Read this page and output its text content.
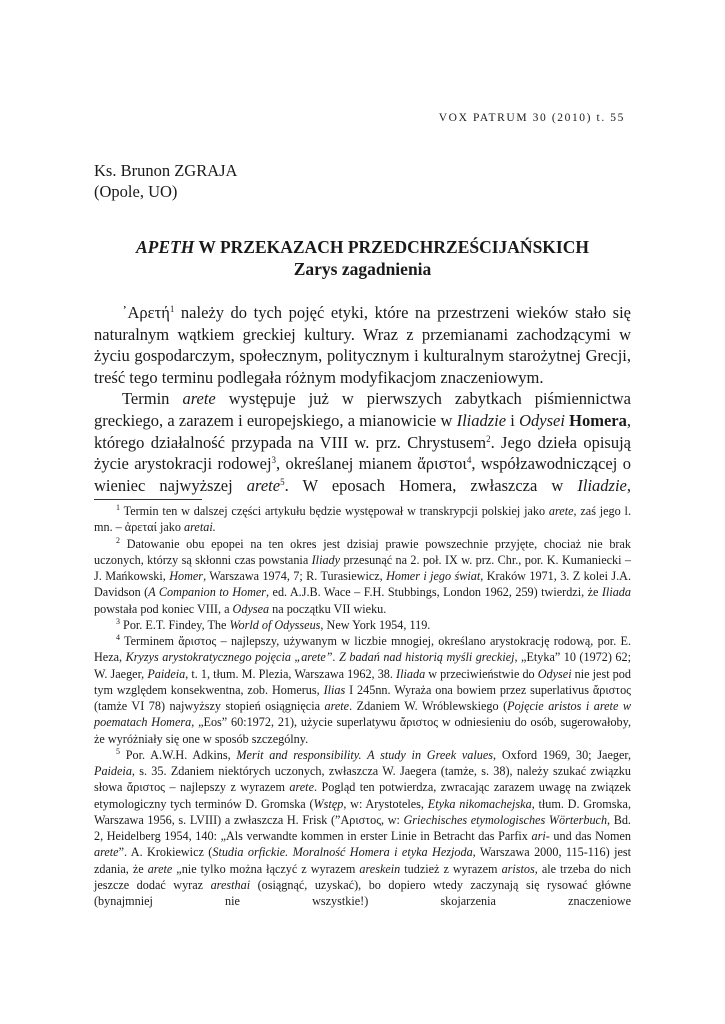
VOX PATRUM 30 (2010) t. 55
Ks. Brunon ZGRAJA
(Opole, UO)
APETH W PRZEKAZACH PRZEDCHRZEŚCIJAŃSKICH
Zarys zagadnienia

᾽Αρετή$^1$ należy do tych pojęć etyki, które na przestrzeni wieków stało się naturalnym wątkiem greckiej kultury. Wraz z przemianami zachodzącymi w życiu gospodarczym, społecznym, politycznym i kulturalnym starożytnej Grecji, treść tego terminu podlegała różnym modyfikacjom znaczeniowym.

Termin arete występuje już w pierwszych zabytkach piśmiennictwa greckiego, a zarazem i europejskiego, a mianowicie w Iliadzie i Odysei Homera, którego działalność przypada na VIII w. prz. Chrystusem$^2$. Jego dzieła opisują życie arystokracji rodowej$^3$, określanej mianem ἄριστοι$^4$, współzawodniczącej o wieniec najwyższej arete$^5$. W eposach Homera, zwłaszcza w Iliadzie,

$^1$ Termin ten w dalszej części artykułu będzie występował w transkrypcji polskiej jako arete, zaś jego l. mn. – ἀρεταί jako aretai.

$^2$ Datowanie obu epopei na ten okres jest dzisiaj prawie powszechnie przyjęte, chociaż nie brak uczonych, którzy są skłonni czas powstania Iliady przesunąć na 2. poł. IX w. prz. Chr., por. K. Kumaniecki – J. Mańkowski, Homer, Warszawa 1974, 7; R. Turasiewicz, Homer i jego świat, Kraków 1971, 3. Z kolei J.A. Davidson (A Companion to Homer, ed. A.J.B. Wace – F.H. Stubbings, London 1962, 259) twierdzi, że Iliada powstała pod koniec VIII, a Odysea na początku VII wieku.

$^3$ Por. E.T. Findey, The World of Odysseus, New York 1954, 119.

$^4$ Terminem ἄριστος – najlepszy, używanym w liczbie mnogiej, określano arystokrację rodową, por. E. Heza, Kryzys arystokratycznego pojęcia „arete”. Z badań nad historią myśli greckiej, „Etyka” 10 (1972) 62; W. Jaeger, Paideia, t. 1, tłum. M. Plezia, Warszawa 1962, 38. Iliada w przeciwieństwie do Odysei nie jest pod tym względem konsekwentna, zob. Homerus, Ilias I 245nn. Wyraża ona bowiem przez superlativus ἄριστος (tamże VI 78) najwyższy stopień osiągnięcia arete. Zdaniem W. Wróblewskiego (Pojęcie aristos i arete w poematach Homera, „Eos” 60:1972, 21), użycie superlatywu ἄριστος w odniesieniu do osób, sugerowałoby, że wyróżniały się one w sposób szczególny.

$^5$ Por. A.W.H. Adkins, Merit and responsibility. A study in Greek values, Oxford 1969, 30; Jaeger, Paideia, s. 35. Zdaniem niektórych uczonych, zwłaszcza W. Jaegera (tamże, s. 38), należy szukać związku słowa ἄριστος – najlepszy z wyrazem arete. Pogląd ten potwierdza, zwracając zarazem uwagę na związek etymologiczny tych terminów D. Gromska (Wstęp, w: Arystoteles, Etyka nikomachejska, tłum. D. Gromska, Warszawa 1956, s. LVIII) a zwłaszcza H. Frisk (”Αριστος, w: Griechisches etymologisches Wörterbuch, Bd. 2, Heidelberg 1954, 140: „Als verwandte kommen in erster Linie in Betracht das Parfix ari- und das Nomen arete”. A. Krokiewicz (Studia orfickie. Moralność Homera i etyka Hezjoda, Warszawa 2000, 115-116) jest zdania, że arete „nie tylko można łączyć z wyrazem areskein tudzież z wyrazem aristos, ale trzeba do nich jeszcze dodać wyraz aresthai (osiągnąć, uzyskać), bo dopiero wtedy zaczynają się rysować główne (bynajmniej nie wszystkie!) skojarzenia znaczeniowe
